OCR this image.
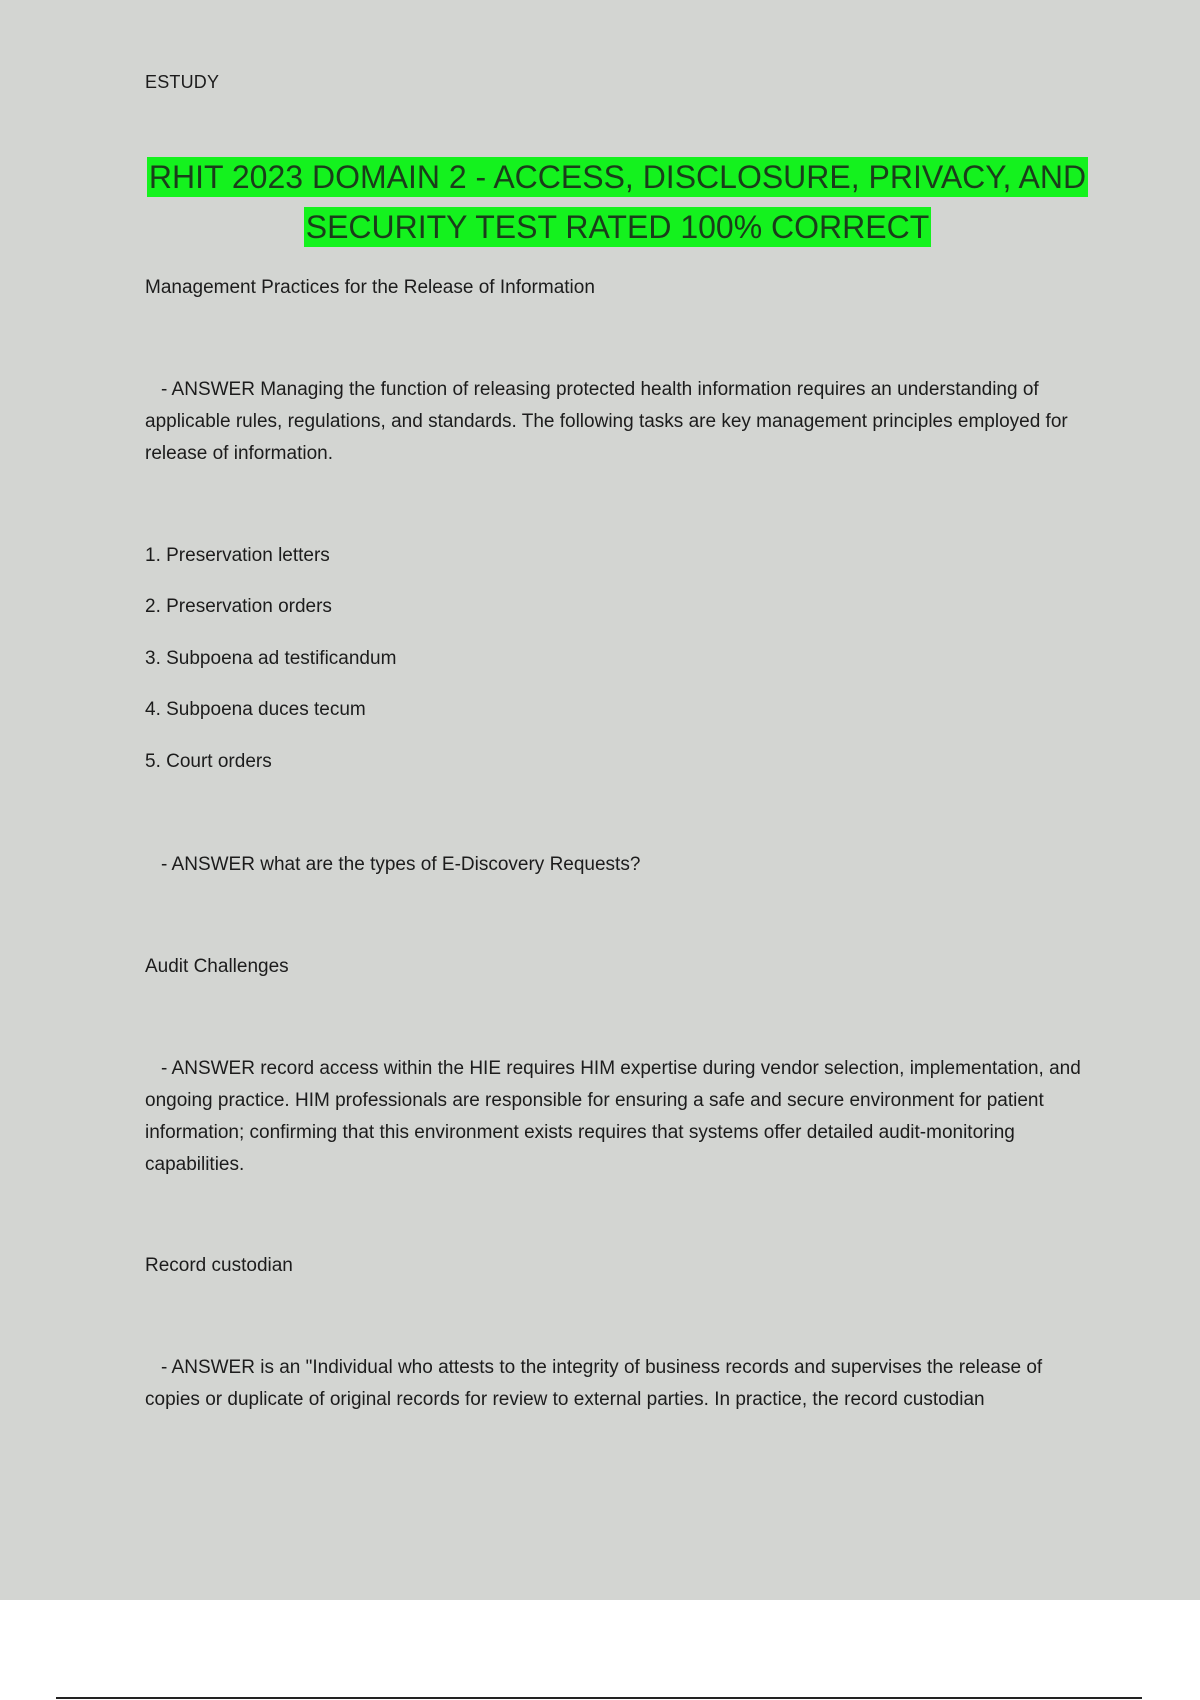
ESTUDY
RHIT 2023 DOMAIN 2 - ACCESS, DISCLOSURE, PRIVACY, AND
SECURITY TEST RATED 100% CORRECT
Management Practices for the Release of Information
- ANSWER Managing the function of releasing protected health information requires an understanding of applicable rules, regulations, and standards. The following tasks are key management principles employed for release of information.
1. Preservation letters
2. Preservation orders
3. Subpoena ad testificandum
4. Subpoena duces tecum
5. Court orders
- ANSWER what are the types of E-Discovery Requests?
Audit Challenges
- ANSWER record access within the HIE requires HIM expertise during vendor selection, implementation, and ongoing practice. HIM professionals are responsible for ensuring a safe and secure environment for patient information; confirming that this environment exists requires that systems offer detailed audit-monitoring capabilities.
Record custodian
- ANSWER is an "Individual who attests to the integrity of business records and supervises the release of copies or duplicate of original records for review to external parties. In practice, the record custodian
